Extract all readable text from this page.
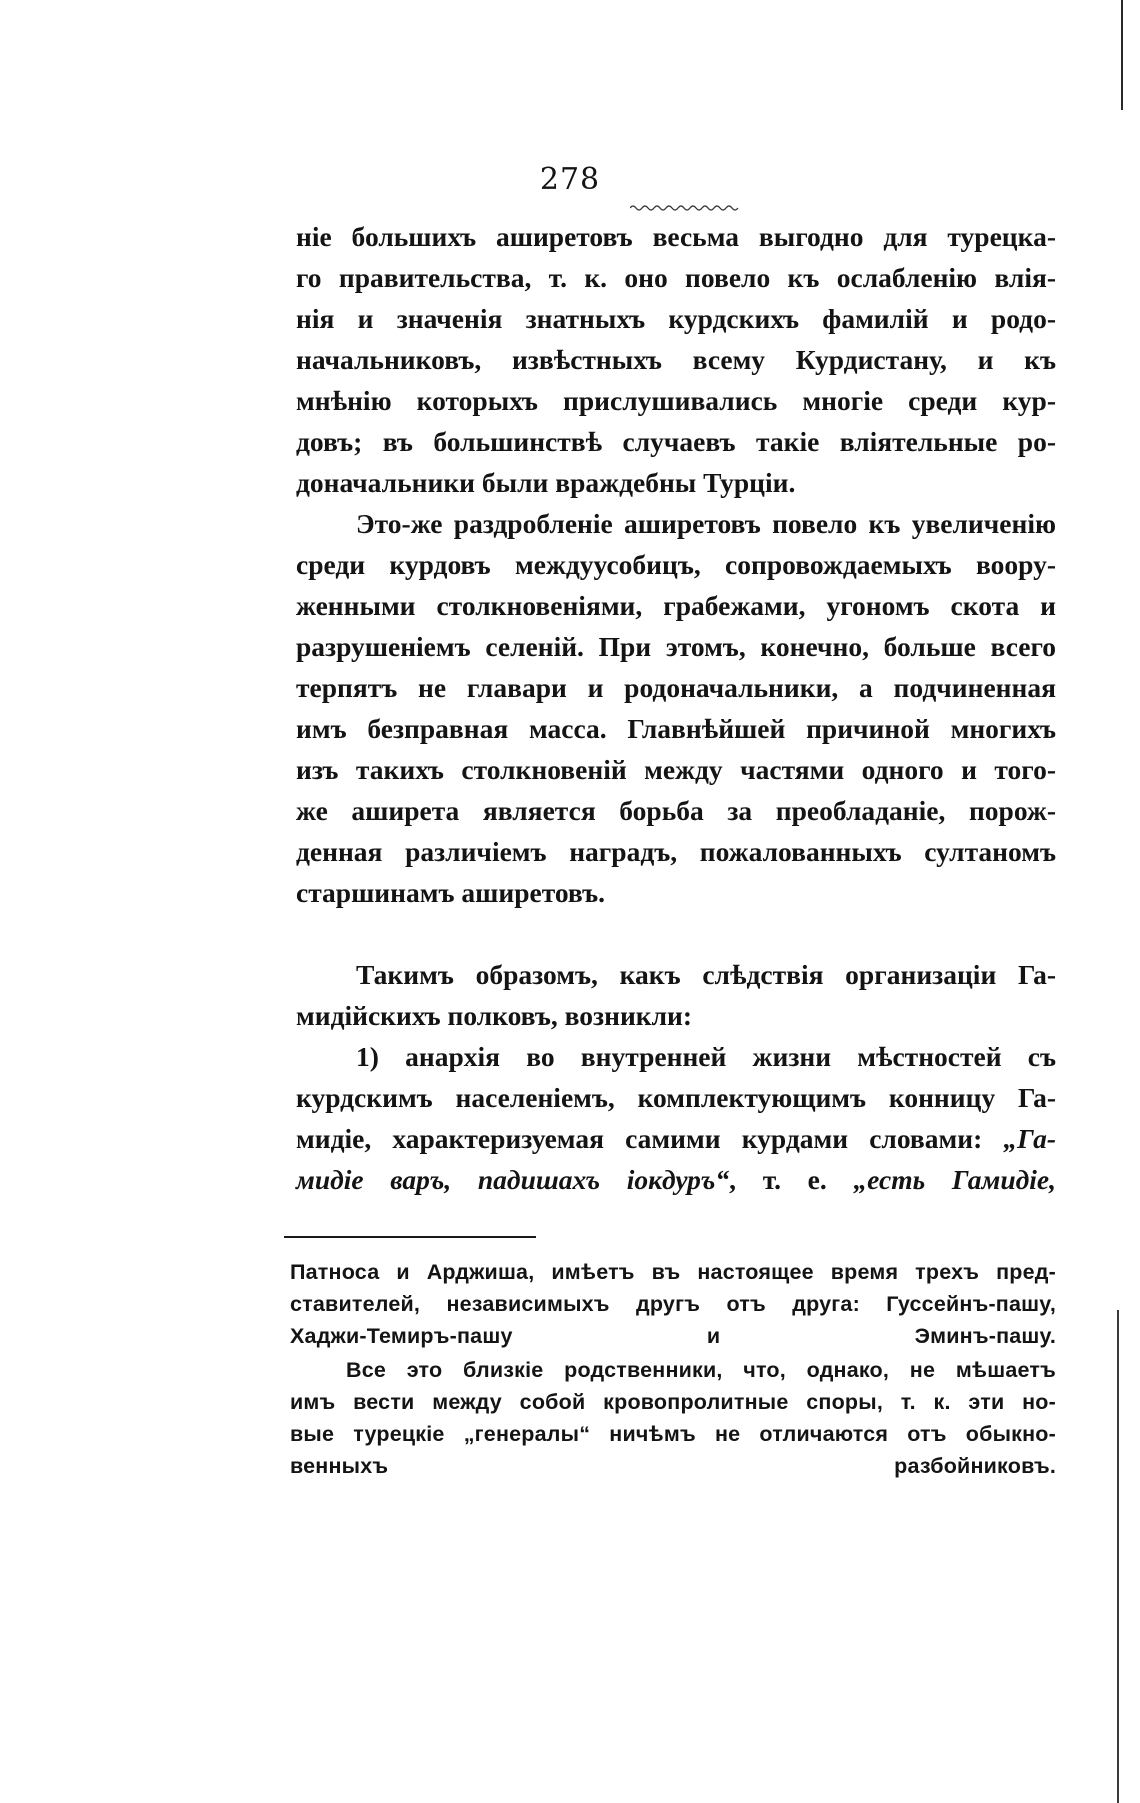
278
ніе большихъ аширетовъ весьма выгодно для турецка-
го правительства, т. к. оно повело къ ослабленію влія-
нія и значенія знатныхъ курдскихъ фамилій и родо-
начальниковъ, извѣстныхъ всему Курдистану, и къ
мнѣнію которыхъ прислушивались многіе среди кур-
довъ; въ большинствѣ случаевъ такіе вліятельные ро-
доначальники были враждебны Турціи.
Это-же раздробленіе аширетовъ повело къ увеличенію
среди курдовъ междуусобицъ, сопровождаемыхъ воору-
женными столкновеніями, грабежами, угономъ скота и
разрушеніемъ селеній. При этомъ, конечно, больше всего
терпятъ не главари и родоначальники, а подчиненная
имъ безправная масса. Главнѣйшей причиной многихъ
изъ такихъ столкновеній между частями одного и того-
же аширета является борьба за преобладаніе, порож-
денная различіемъ наградъ, пожалованныхъ султаномъ
старшинамъ аширетовъ.
Такимъ образомъ, какъ слѣдствія организаціи Га-
мидійскихъ полковъ, возникли:
1) анархія во внутренней жизни мѣстностей съ
курдскимъ населеніемъ, комплектующимъ конницу Га-
мидіе, характеризуемая самими курдами словами: „Га-
мидіе варъ, падишахъ іокдуръ“, т. е. „есть Гамидіе,
Патноса и Арджиша, имѣетъ въ настоящее время трехъ пред-
ставителей, независимыхъ другъ отъ друга: Гуссейнъ-пашу,
Хаджи-Темиръ-пашу и Эминъ-пашу.
Все это близкіе родственники, что, однако, не мѣшаетъ
имъ вести между собой кровопролитные споры, т. к. эти но-
вые турецкіе „генералы“ ничѣмъ не отличаются отъ обыкно-
венныхъ разбойниковъ.
